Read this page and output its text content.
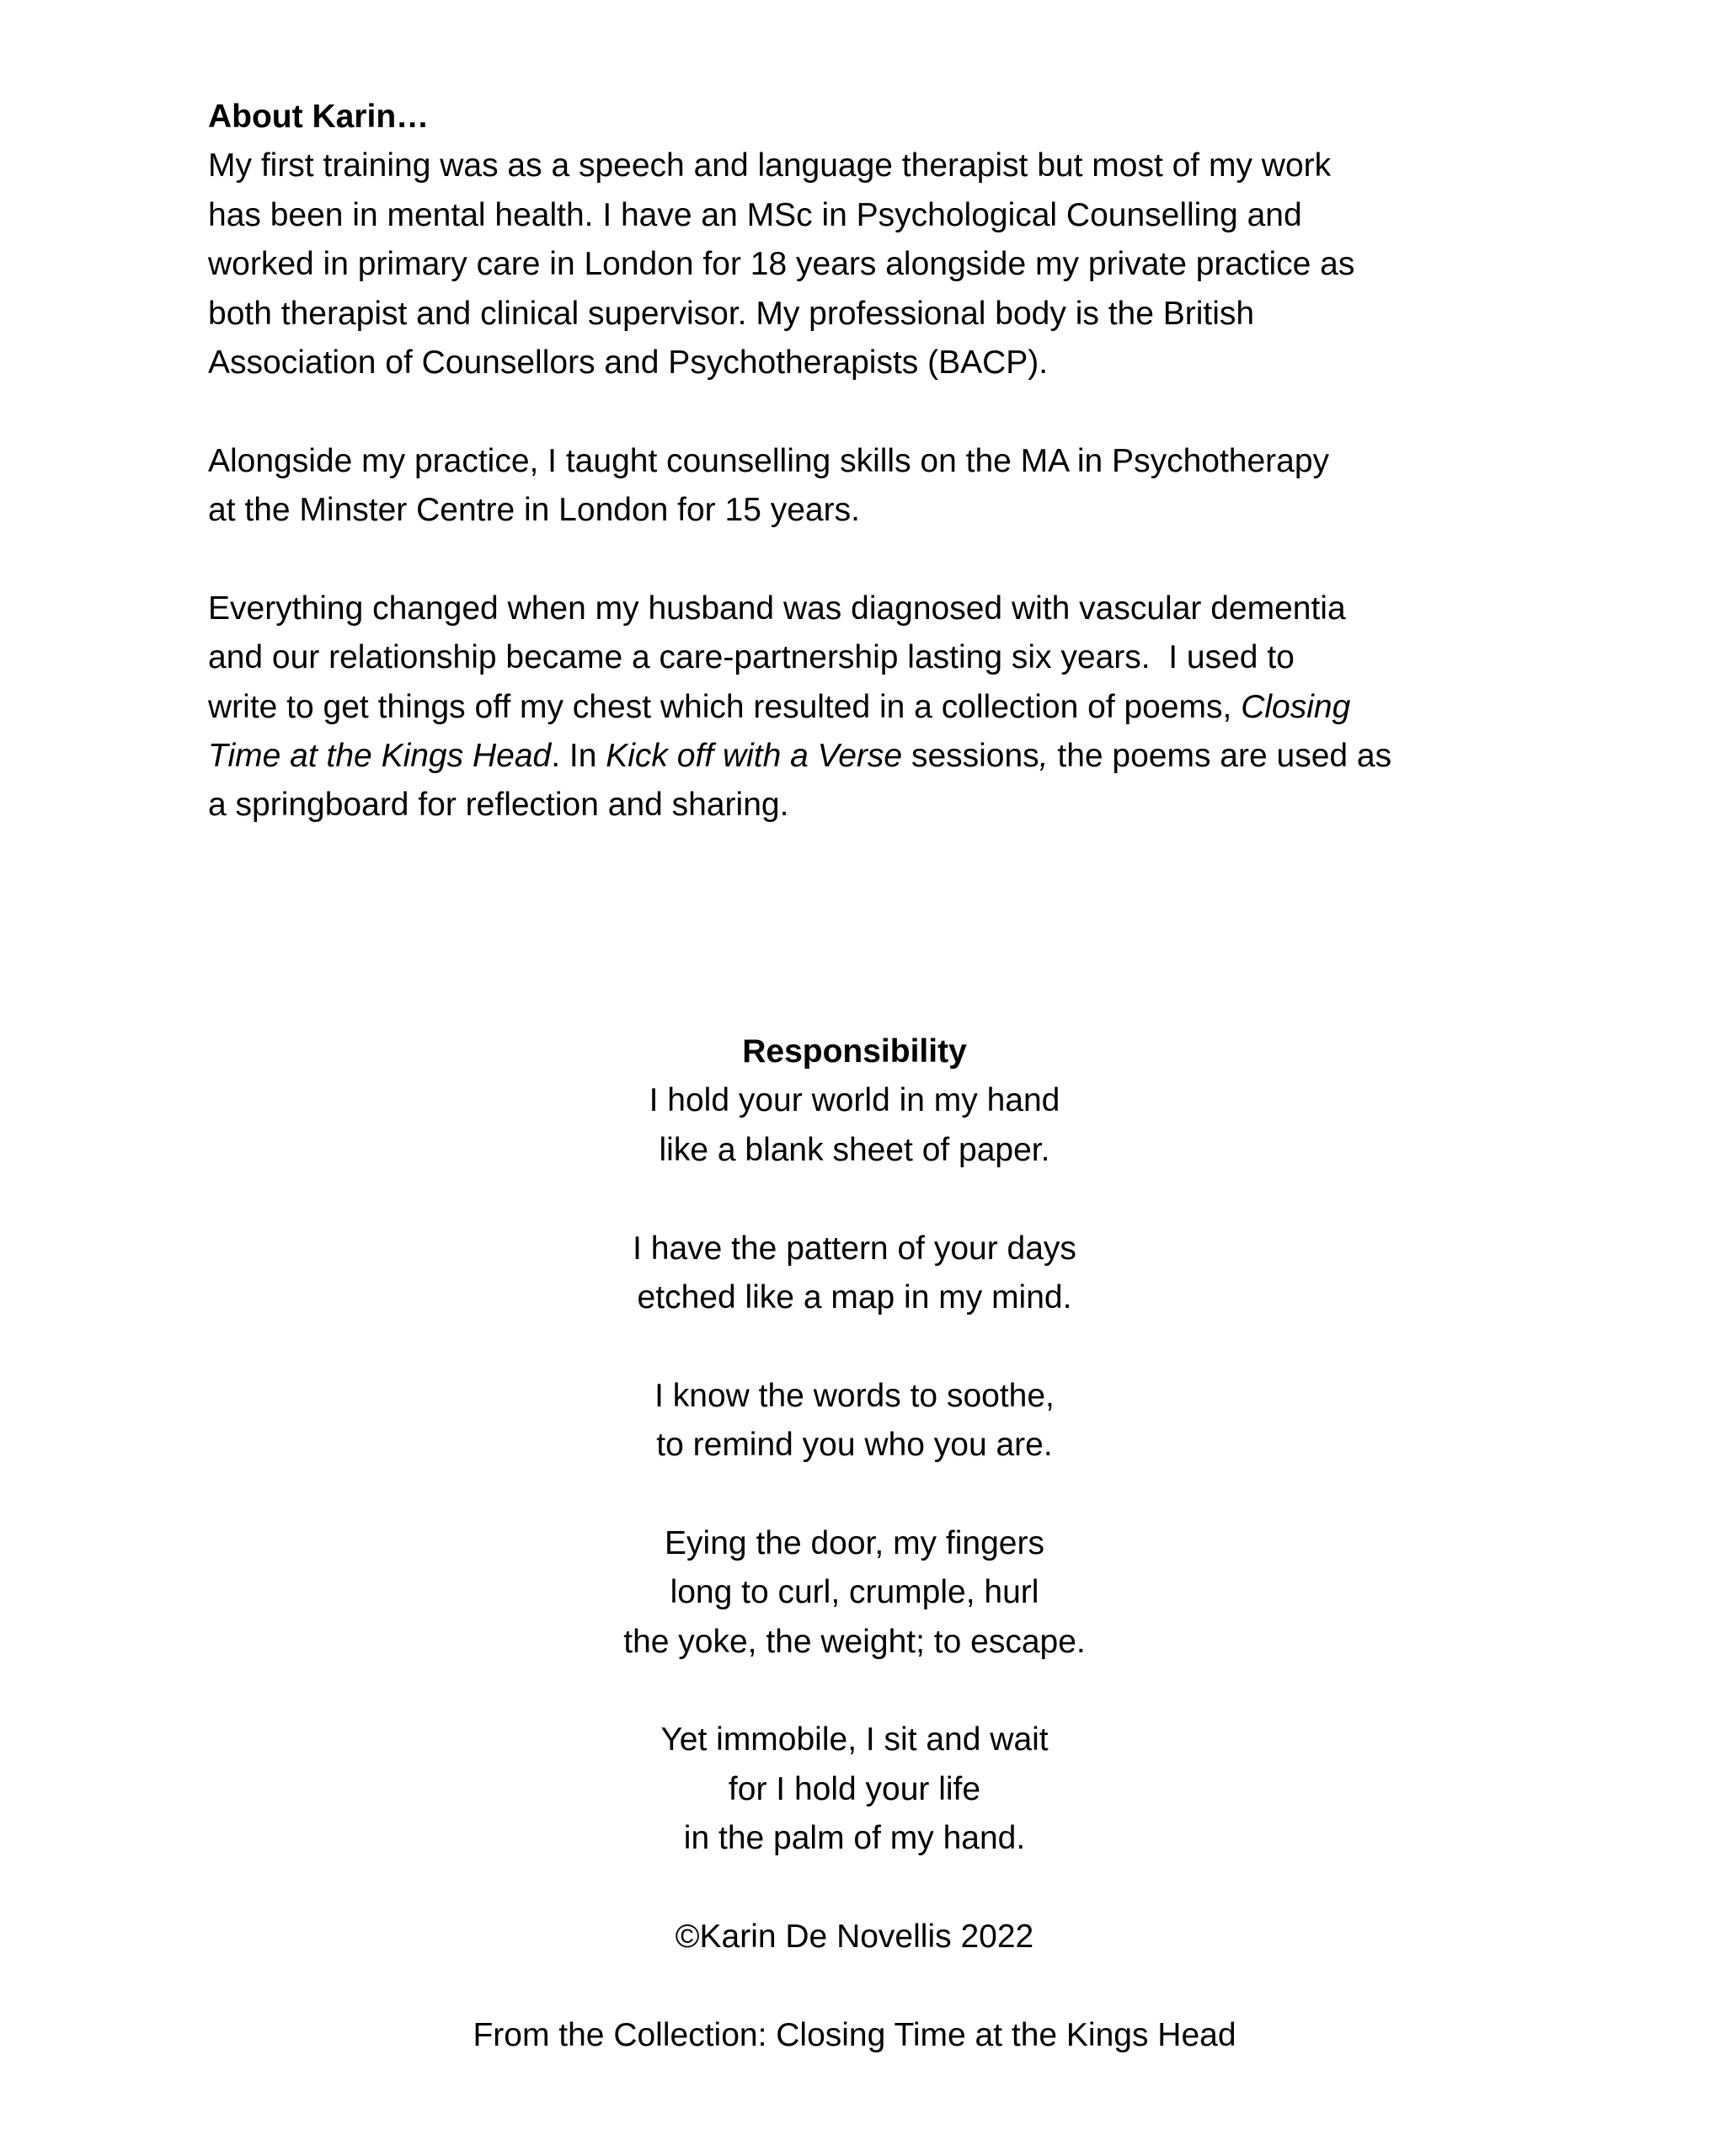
About Karin…
My first training was as a speech and language therapist but most of my work
has been in mental health. I have an MSc in Psychological Counselling and
worked in primary care in London for 18 years alongside my private practice as
both therapist and clinical supervisor. My professional body is the British
Association of Counsellors and Psychotherapists (BACP).
Alongside my practice, I taught counselling skills on the MA in Psychotherapy
at the Minster Centre in London for 15 years.
Everything changed when my husband was diagnosed with vascular dementia
and our relationship became a care-partnership lasting six years.  I used to
write to get things off my chest which resulted in a collection of poems, Closing
Time at the Kings Head. In Kick off with a Verse sessions, the poems are used as
a springboard for reflection and sharing.
Responsibility
I hold your world in my hand
like a blank sheet of paper.
I have the pattern of your days
etched like a map in my mind.
I know the words to soothe,
to remind you who you are.
Eying the door, my fingers
long to curl, crumple, hurl
the yoke, the weight; to escape.
Yet immobile, I sit and wait
for I hold your life
in the palm of my hand.
©Karin De Novellis 2022
From the Collection: Closing Time at the Kings Head
